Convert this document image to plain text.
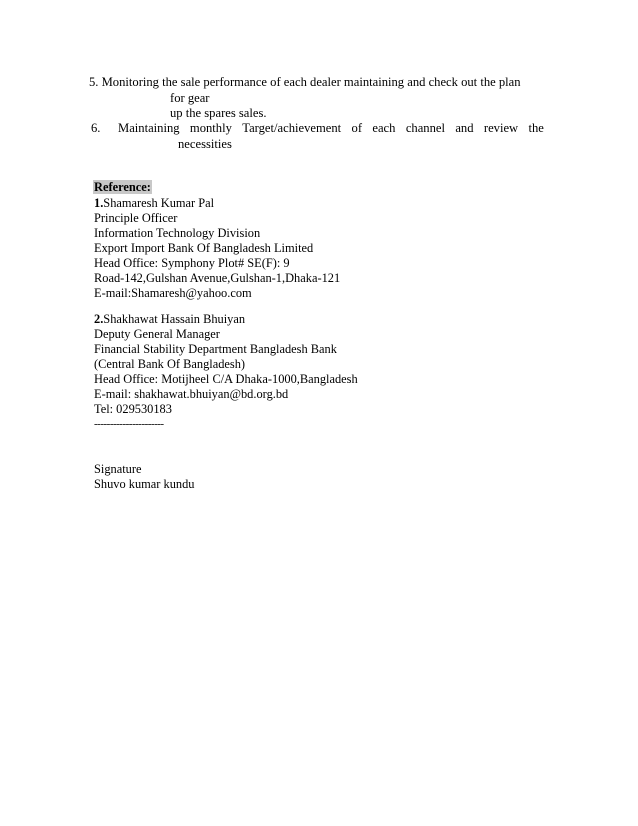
5. Monitoring the sale performance of each dealer maintaining and check out the plan
for gear
up the spares sales.
6. Maintaining monthly Target/achievement of each channel and review the
necessities
Reference:
1.Shamaresh Kumar Pal
Principle Officer
Information Technology Division
Export Import Bank Of Bangladesh Limited
Head Office: Symphony Plot# SE(F): 9
Road-142,Gulshan Avenue,Gulshan-1,Dhaka-121
E-mail:Shamaresh@yahoo.com
2.Shakhawat Hassain Bhuiyan
Deputy General Manager
Financial Stability Department Bangladesh Bank
(Central Bank Of Bangladesh)
Head Office: Motijheel C/A Dhaka-1000,Bangladesh
E-mail: shakhawat.bhuiyan@bd.org.bd
Tel: 029530183
----------------------
Signature
Shuvo kumar kundu
